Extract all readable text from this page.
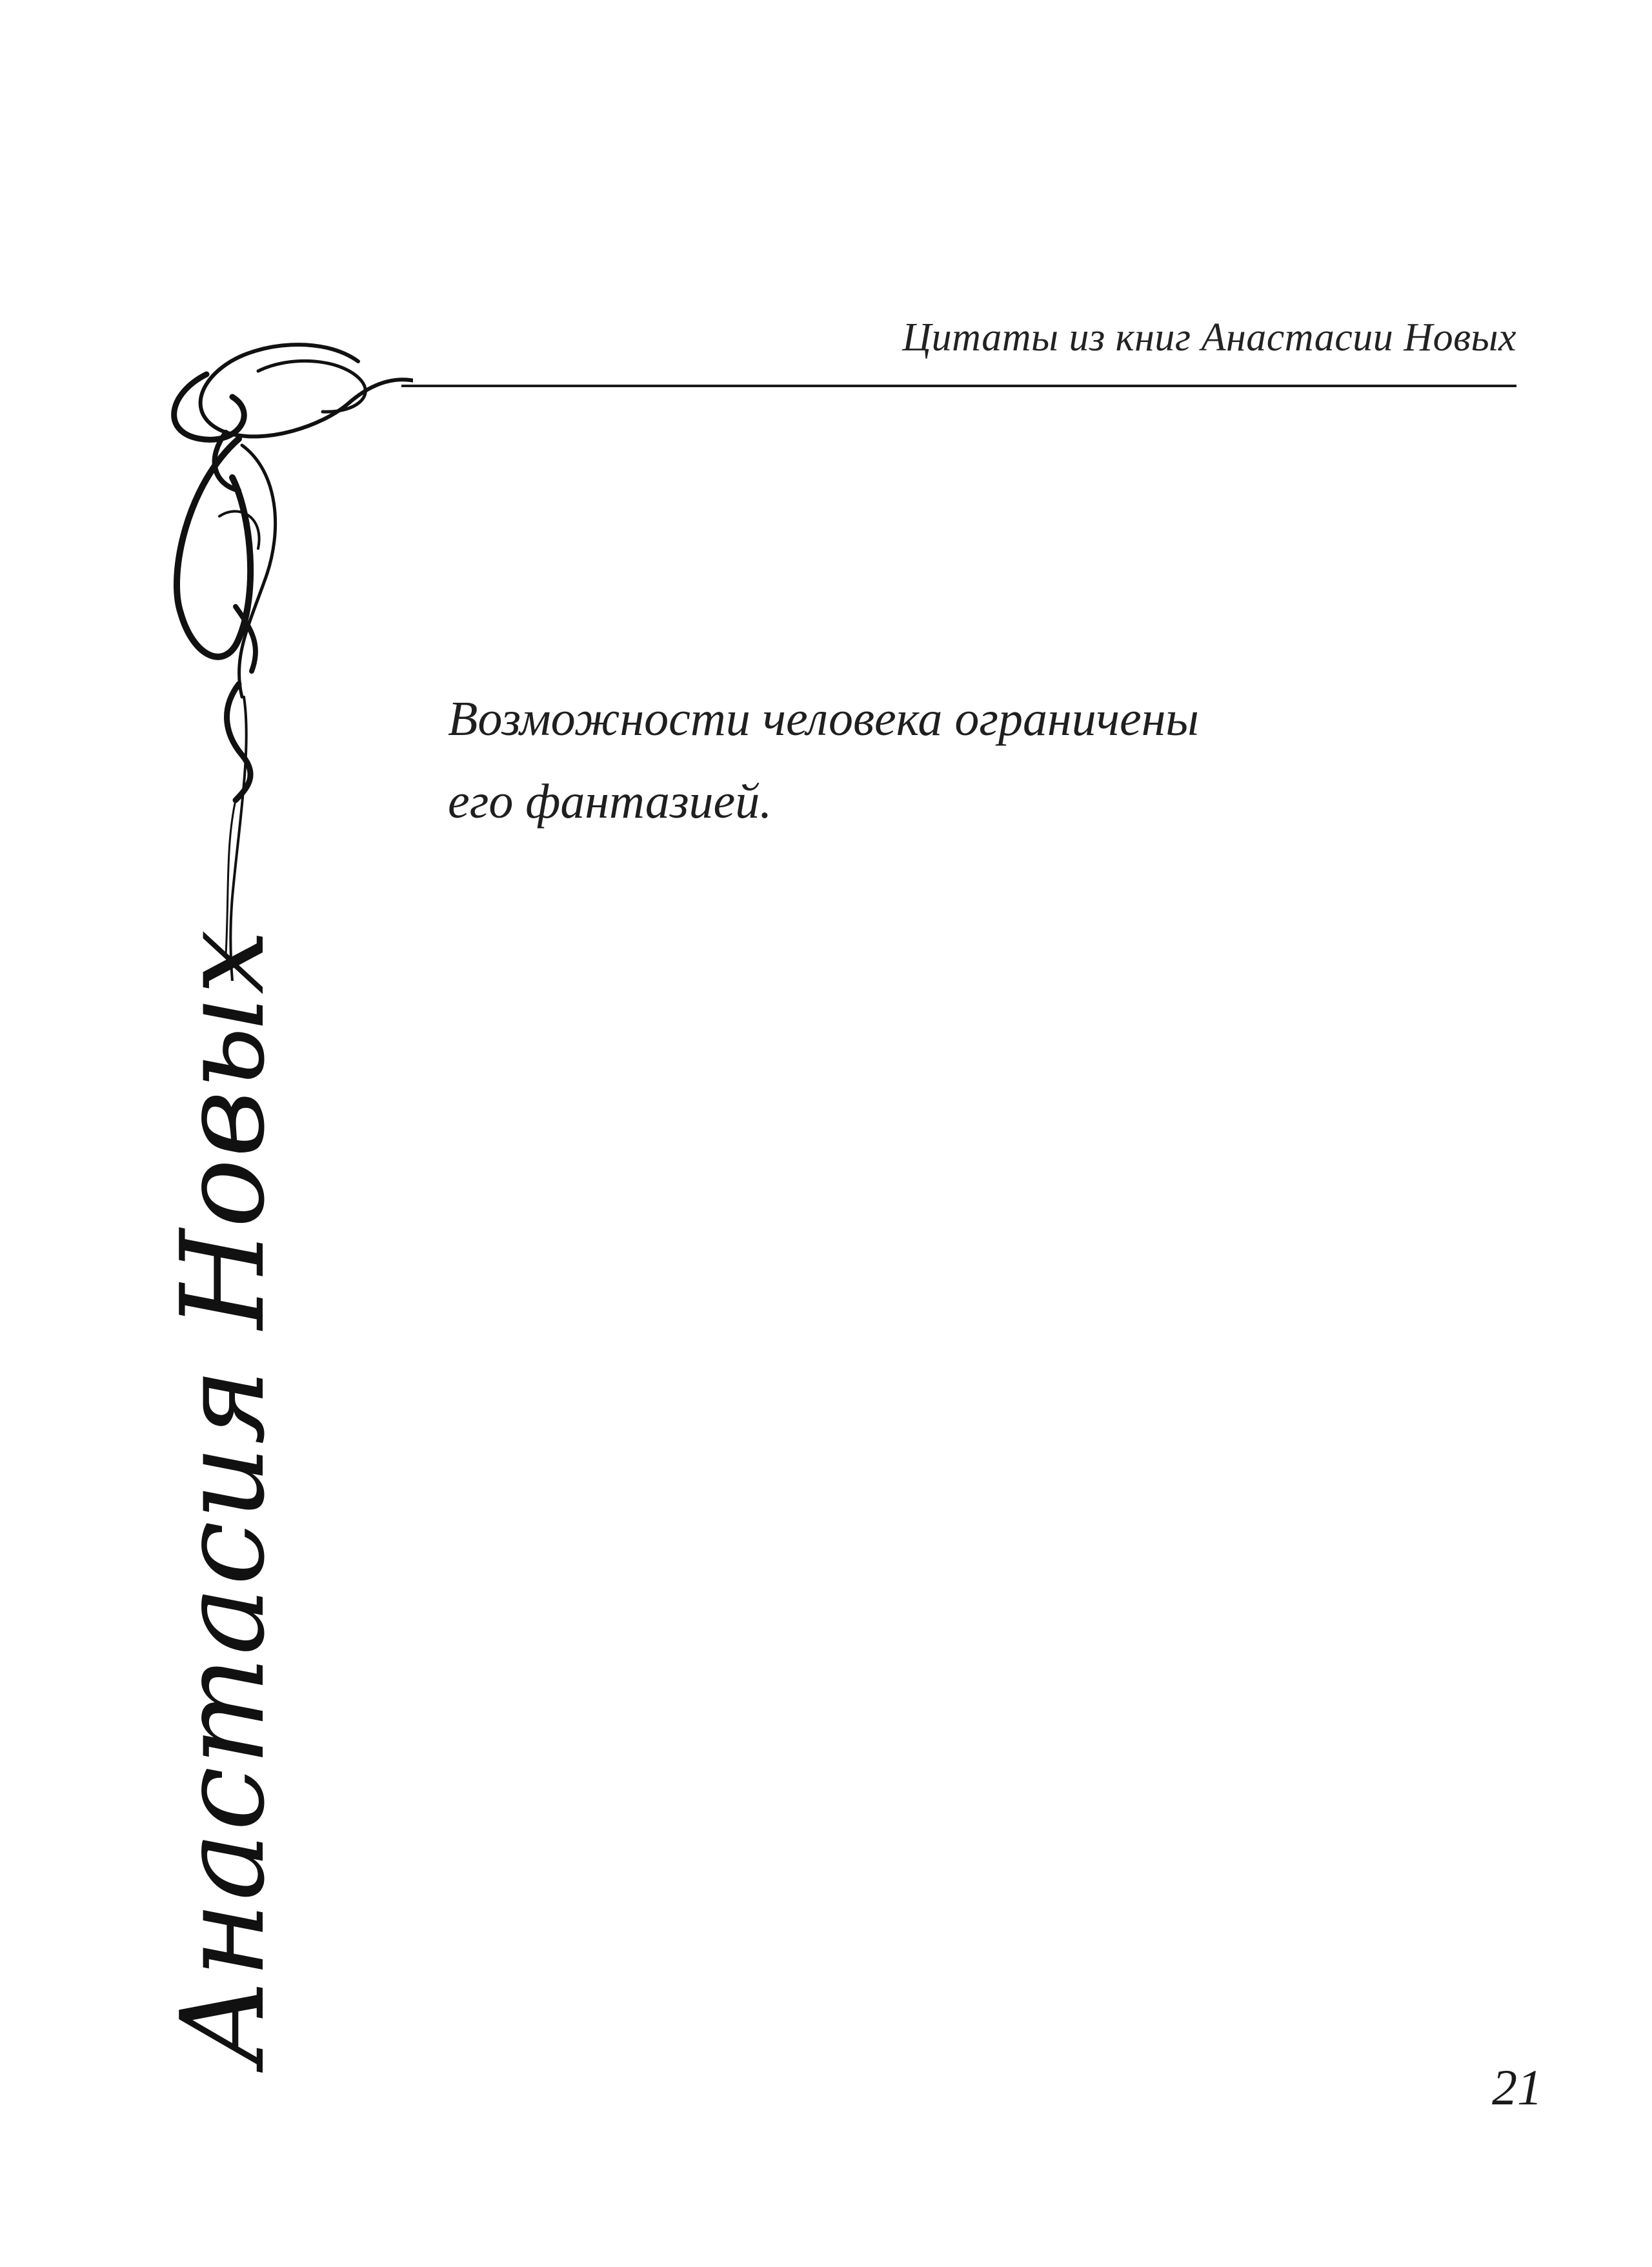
Цитаты из книг Анастасии Новых
Анастасия Новых
Возможности человека ограничены
его фантазией.
21
